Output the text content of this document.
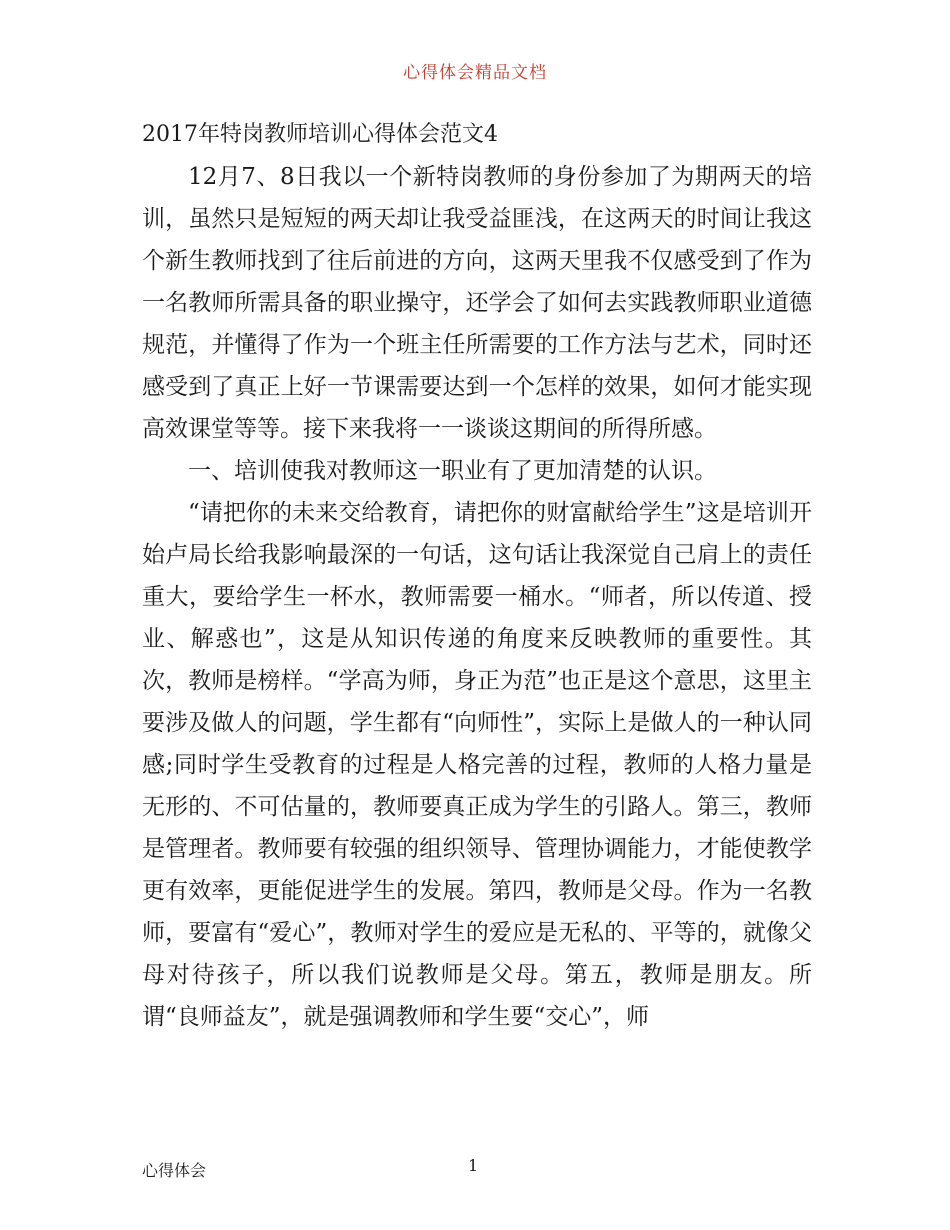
心得体会精品文档

2017年特岗教师培训心得体会范文4

12月7、8日我以一个新特岗教师的身份参加了为期两天的培训，虽然只是短短的两天却让我受益匪浅，在这两天的时间让我这个新生教师找到了往后前进的方向，这两天里我不仅感受到了作为一名教师所需具备的职业操守，还学会了如何去实践教师职业道德规范，并懂得了作为一个班主任所需要的工作方法与艺术，同时还感受到了真正上好一节课需要达到一个怎样的效果，如何才能实现高效课堂等等。接下来我将一一谈谈这期间的所得所感。

一、培训使我对教师这一职业有了更加清楚的认识。

“请把你的未来交给教育，请把你的财富献给学生”这是培训开始卢局长给我影响最深的一句话，这句话让我深觉自己肩上的责任重大，要给学生一杯水，教师需要一桶水。“师者，所以传道、授业、解惑也”，这是从知识传递的角度来反映教师的重要性。其次，教师是榜样。“学高为师，身正为范”也正是这个意思，这里主要涉及做人的问题，学生都有“向师性”，实际上是做人的一种认同感;同时学生受教育的过程是人格完善的过程，教师的人格力量是无形的、不可估量的，教师要真正成为学生的引路人。第三，教师是管理者。教师要有较强的组织领导、管理协调能力，才能使教学更有效率，更能促进学生的发展。第四，教师是父母。作为一名教师，要富有“爱心”，教师对学生的爱应是无私的、平等的，就像父母对待孩子，所以我们说教师是父母。第五，教师是朋友。所谓“良师益友”，就是强调教师和学生要“交心”，师

心得体会	1
